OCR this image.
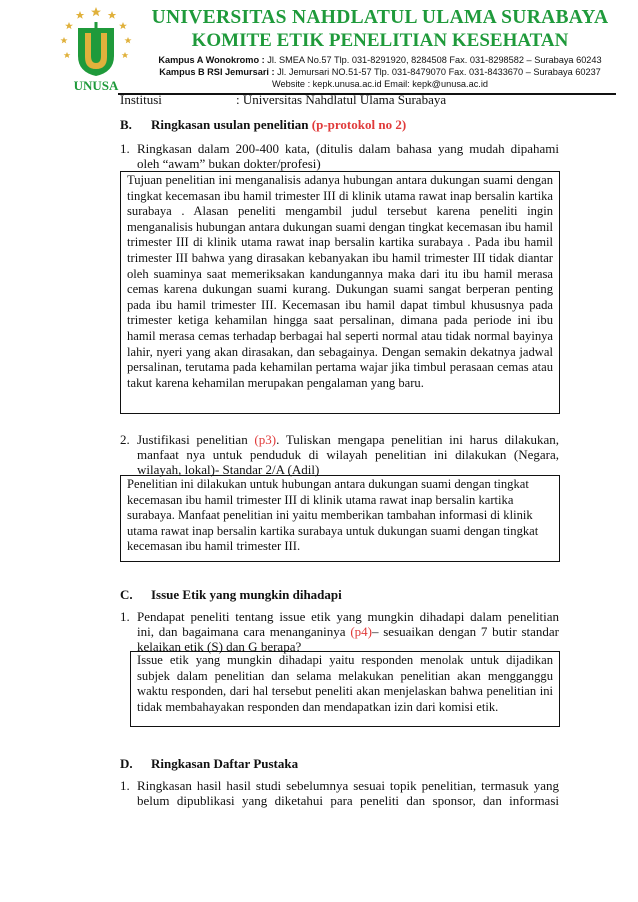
UNUSA
UNIVERSITAS NAHDLATUL ULAMA SURABAYA
KOMITE ETIK PENELITIAN KESEHATAN
Kampus A Wonokromo : Jl. SMEA No.57 Tlp. 031-8291920, 8284508 Fax. 031-8298582 – Surabaya 60243
Kampus B RSI Jemursari : Jl. Jemursari NO.51-57 Tlp. 031-8479070 Fax. 031-8433670 – Surabaya 60237
Website : kepk.unusa.ac.id Email: kepk@unusa.ac.id
Institusi	: Universitas Nahdlatul Ulama Surabaya
B. Ringkasan usulan penelitian (p-protokol no 2)
1. Ringkasan dalam 200-400 kata, (ditulis dalam bahasa yang mudah dipahami
oleh “awam” bukan dokter/profesi)
Tujuan penelitian ini menganalisis adanya hubungan antara dukungan suami dengan tingkat kecemasan ibu hamil trimester III di klinik utama rawat inap bersalin kartika surabaya . Alasan peneliti mengambil judul tersebut karena peneliti ingin menganalisis hubungan antara dukungan suami dengan tingkat kecemasan ibu hamil trimester III di klinik utama rawat inap bersalin kartika surabaya . Pada ibu hamil trimester III bahwa yang dirasakan kebanyakan ibu hamil trimester III tidak diantar oleh suaminya saat memeriksakan kandungannya maka dari itu ibu hamil merasa cemas karena dukungan suami kurang. Dukungan suami sangat berperan penting pada ibu hamil trimester III. Kecemasan ibu hamil dapat timbul khususnya pada trimester ketiga kehamilan hingga saat persalinan, dimana pada periode ini ibu hamil merasa cemas terhadap berbagai hal seperti normal atau tidak normal bayinya lahir, nyeri yang akan dirasakan, dan sebagainya. Dengan semakin dekatnya jadwal persalinan, terutama pada kehamilan pertama wajar jika timbul perasaan cemas atau takut karena kehamilan merupakan pengalaman yang baru.
2. Justifikasi penelitian (p3). Tuliskan mengapa penelitian ini harus dilakukan,
manfaat nya untuk penduduk di wilayah penelitian ini dilakukan (Negara,
wilayah, lokal)- Standar 2/A (Adil)
Penelitian ini dilakukan untuk hubungan antara dukungan suami dengan tingkat kecemasan ibu hamil trimester III di klinik utama rawat inap bersalin kartika surabaya. Manfaat penelitian ini yaitu memberikan tambahan informasi di klinik utama rawat inap bersalin kartika surabaya untuk dukungan suami dengan tingkat kecemasan ibu hamil trimester III.
C. Issue Etik yang mungkin dihadapi
1. Pendapat peneliti tentang issue etik yang mungkin dihadapi dalam penelitian
ini, dan bagaimana cara menanganinya (p4)– sesuaikan dengan 7 butir standar
kelaikan etik (S) dan G berapa?
Issue etik yang mungkin dihadapi yaitu responden menolak untuk dijadikan subjek dalam penelitian dan selama melakukan penelitian akan mengganggu waktu responden, dari hal tersebut peneliti akan menjelaskan bahwa penelitian ini tidak membahayakan responden dan mendapatkan izin dari komisi etik.
D. Ringkasan Daftar Pustaka
1. Ringkasan hasil hasil studi sebelumnya sesuai topik penelitian, termasuk yang
belum dipublikasi yang diketahui para peneliti dan sponsor, dan informasi
